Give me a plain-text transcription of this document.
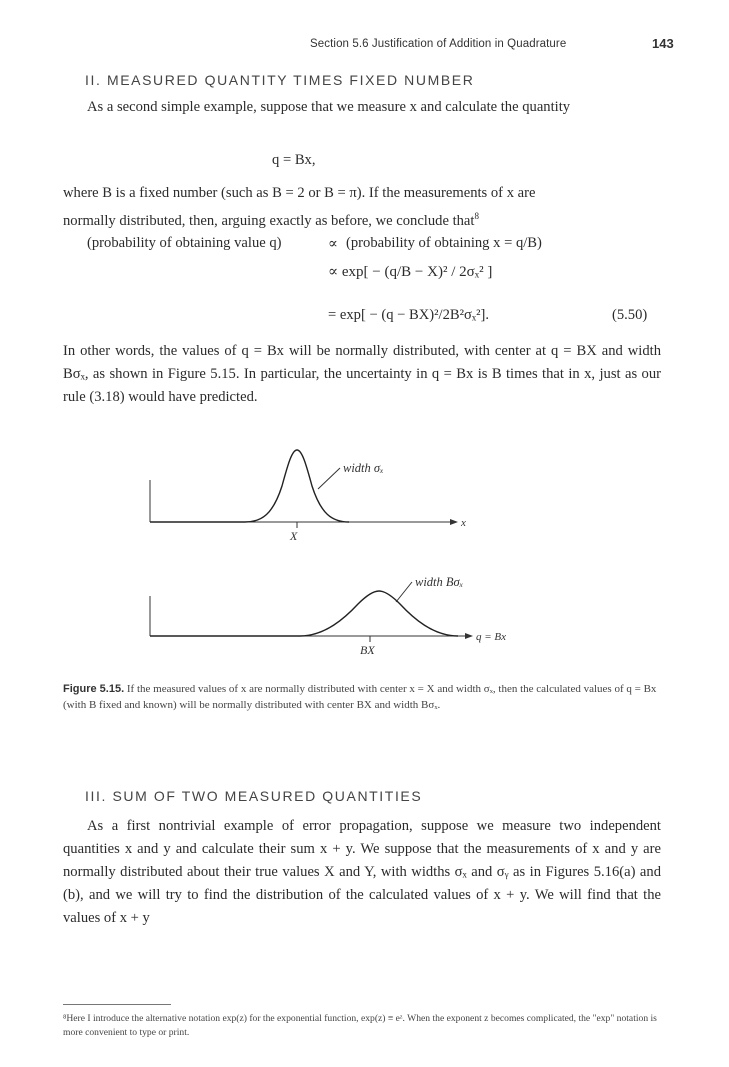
Section 5.6 Justification of Addition in Quadrature	143
II. MEASURED QUANTITY TIMES FIXED NUMBER

As a second simple example, suppose that we measure x and calculate the quantity

q = Bx,
where B is a fixed number (such as B = 2 or B = π). If the measurements of x are
normally distributed, then, arguing exactly as before, we conclude that$^8$
(probability of obtaining value q)	∝ (probability of obtaining x = q/B)
∝ exp[ − (q/B − X)² / 2σₓ² ]
= exp[ − (q − BX)²/2B²σₓ²].	(5.50)
In other words, the values of q = Bx will be normally distributed, with center at q = BX and width Bσₓ, as shown in Figure 5.15. In particular, the uncertainty in q = Bx is B times that in x, just as our rule (3.18) would have predicted.
width σₓ
X
x
width Bσₓ
BX
q = Bx
Figure 5.15. If the measured values of x are normally distributed with center x = X and width σₓ, then the calculated values of q = Bx (with B fixed and known) will be normally distributed with center BX and width Bσₓ.
III. SUM OF TWO MEASURED QUANTITIES

As a first nontrivial example of error propagation, suppose we measure two independent quantities x and y and calculate their sum x + y. We suppose that the measurements of x and y are normally distributed about their true values X and Y, with widths σₓ and σᵧ as in Figures 5.16(a) and (b), and we will try to find the distribution of the calculated values of x + y. We will find that the values of x + y

⁸Here I introduce the alternative notation exp(z) for the exponential function, exp(z) ≡ eᶻ. When the exponent z becomes complicated, the "exp" notation is more convenient to type or print.
